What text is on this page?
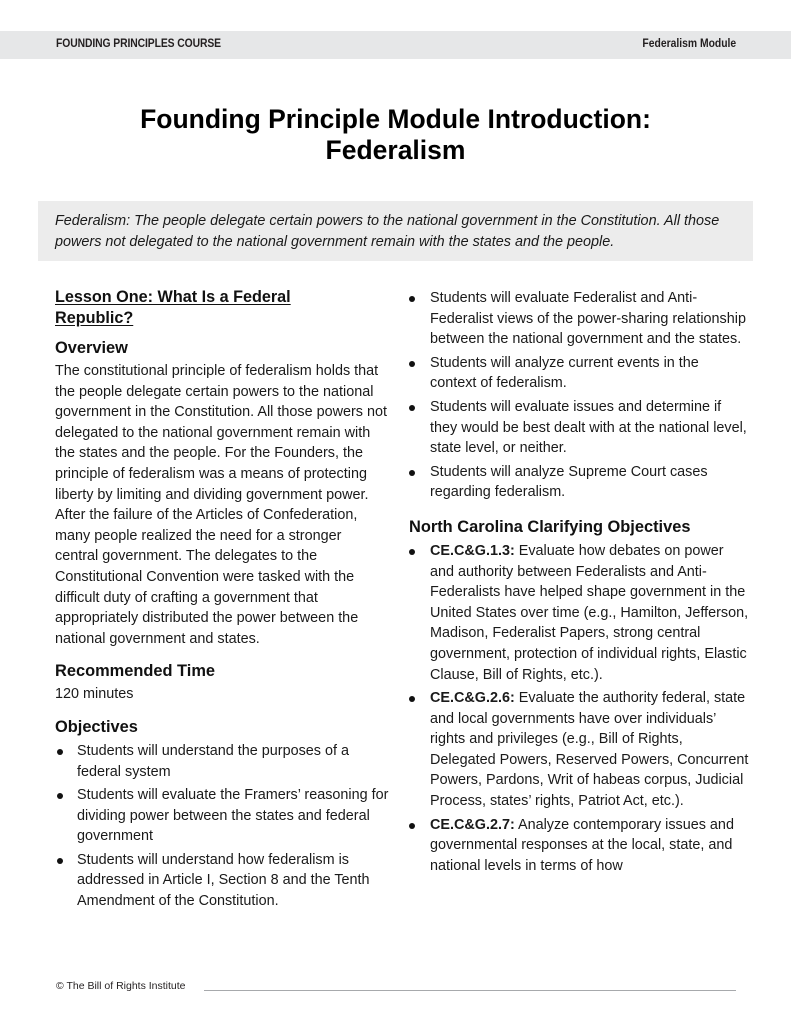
FOUNDING PRINCIPLES COURSE	Federalism Module
Founding Principle Module Introduction:
Federalism

Federalism: The people delegate certain powers to the national government in the Constitution. All those powers not delegated to the national government remain with the states and the people.

Lesson One: What Is a Federal
Republic?
Overview

The constitutional principle of federalism holds that the people delegate certain powers to the national government in the Constitution. All those powers not delegated to the national government remain with the states and the people. For the Founders, the principle of federalism was a means of protecting liberty by limiting and dividing government power. After the failure of the Articles of Confederation, many people realized the need for a stronger central government. The delegates to the Constitutional Convention were tasked with the difficult duty of crafting a government that appropriately distributed the power between the national government and states.

Recommended Time

120 minutes

Objectives
Students will understand the purposes of a federal system
Students will evaluate the Framers’ reasoning for dividing power between the states and federal government
Students will understand how federalism is addressed in Article I, Section 8 and the Tenth Amendment of the Constitution.
Students will evaluate Federalist and Anti-Federalist views of the power-sharing relationship between the national government and the states.
Students will analyze current events in the context of federalism.
Students will evaluate issues and determine if they would be best dealt with at the national level, state level, or neither.
Students will analyze Supreme Court cases regarding federalism.
North Carolina Clarifying Objectives
CE.C&G.1.3: Evaluate how debates on power and authority between Federalists and Anti-Federalists have helped shape government in the United States over time (e.g., Hamilton, Jefferson, Madison, Federalist Papers, strong central government, protection of individual rights, Elastic Clause, Bill of Rights, etc.).
CE.C&G.2.6: Evaluate the authority federal, state and local governments have over individuals’ rights and privileges (e.g., Bill of Rights, Delegated Powers, Reserved Powers, Concurrent Powers, Pardons, Writ of habeas corpus, Judicial Process, states’ rights, Patriot Act, etc.).
CE.C&G.2.7: Analyze contemporary issues and governmental responses at the local, state, and national levels in terms of how
© The Bill of Rights Institute
